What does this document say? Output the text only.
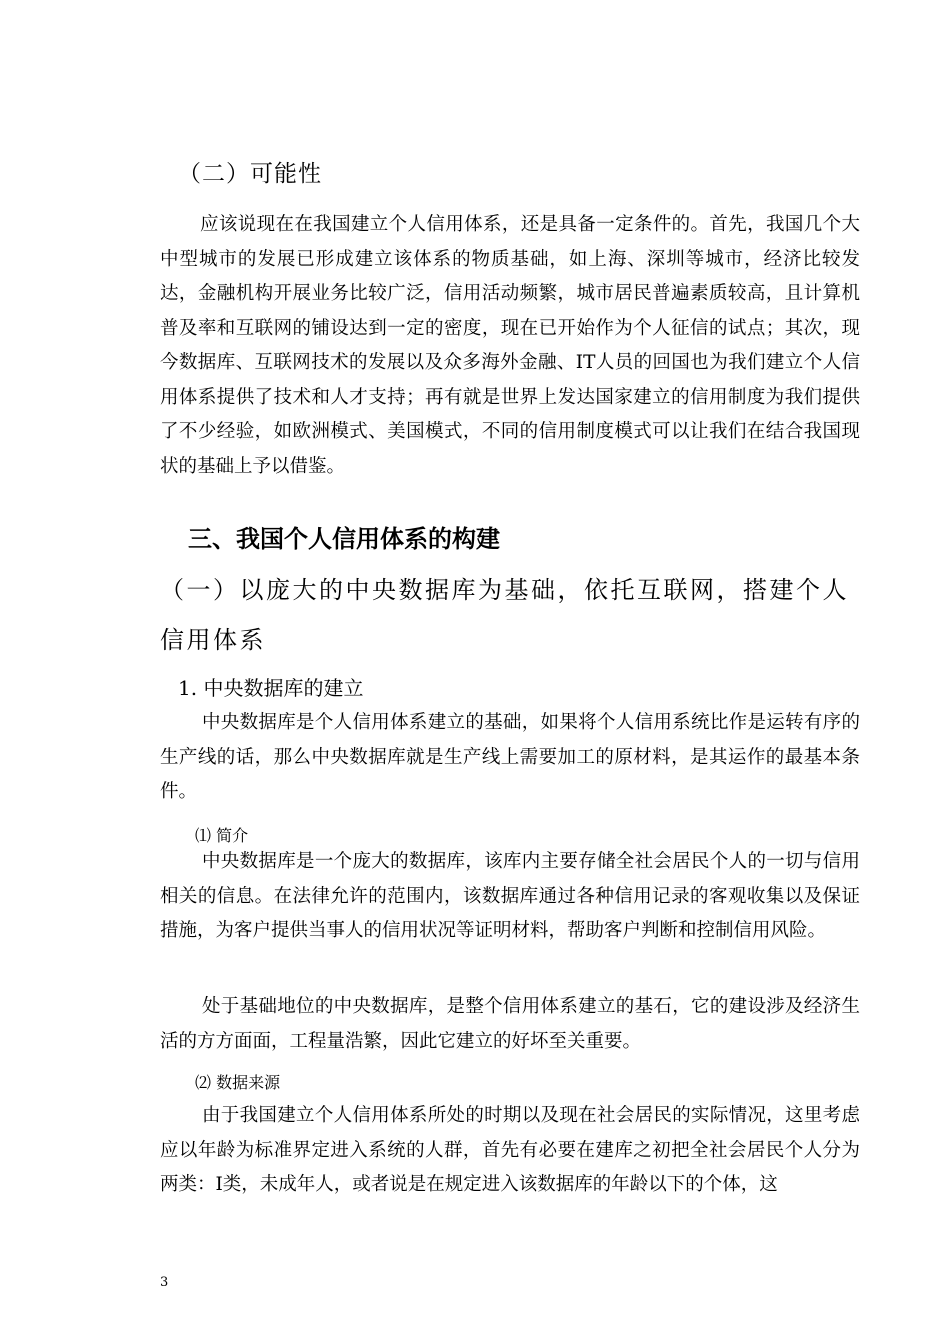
（二）可能性
应该说现在在我国建立个人信用体系，还是具备一定条件的。首先，我国几个大中型城市的发展已形成建立该体系的物质基础，如上海、深圳等城市，经济比较发达，金融机构开展业务比较广泛，信用活动频繁，城市居民普遍素质较高，且计算机普及率和互联网的铺设达到一定的密度，现在已开始作为个人征信的试点；其次，现今数据库、互联网技术的发展以及众多海外金融、IT人员的回国也为我们建立个人信用体系提供了技术和人才支持；再有就是世界上发达国家建立的信用制度为我们提供了不少经验，如欧洲模式、美国模式，不同的信用制度模式可以让我们在结合我国现状的基础上予以借鉴。
三、我国个人信用体系的构建
（一）以庞大的中央数据库为基础，依托互联网，搭建个人信用体系
1. 中央数据库的建立
中央数据库是个人信用体系建立的基础，如果将个人信用系统比作是运转有序的生产线的话，那么中央数据库就是生产线上需要加工的原材料，是其运作的最基本条件。
⑴ 简介
中央数据库是一个庞大的数据库，该库内主要存储全社会居民个人的一切与信用相关的信息。在法律允许的范围内，该数据库通过各种信用记录的客观收集以及保证措施，为客户提供当事人的信用状况等证明材料，帮助客户判断和控制信用风险。
处于基础地位的中央数据库，是整个信用体系建立的基石，它的建设涉及经济生活的方方面面，工程量浩繁，因此它建立的好坏至关重要。
⑵ 数据来源
由于我国建立个人信用体系所处的时期以及现在社会居民的实际情况，这里考虑应以年龄为标准界定进入系统的人群，首先有必要在建库之初把全社会居民个人分为两类：Ⅰ类，未成年人，或者说是在规定进入该数据库的年龄以下的个体，这
3
